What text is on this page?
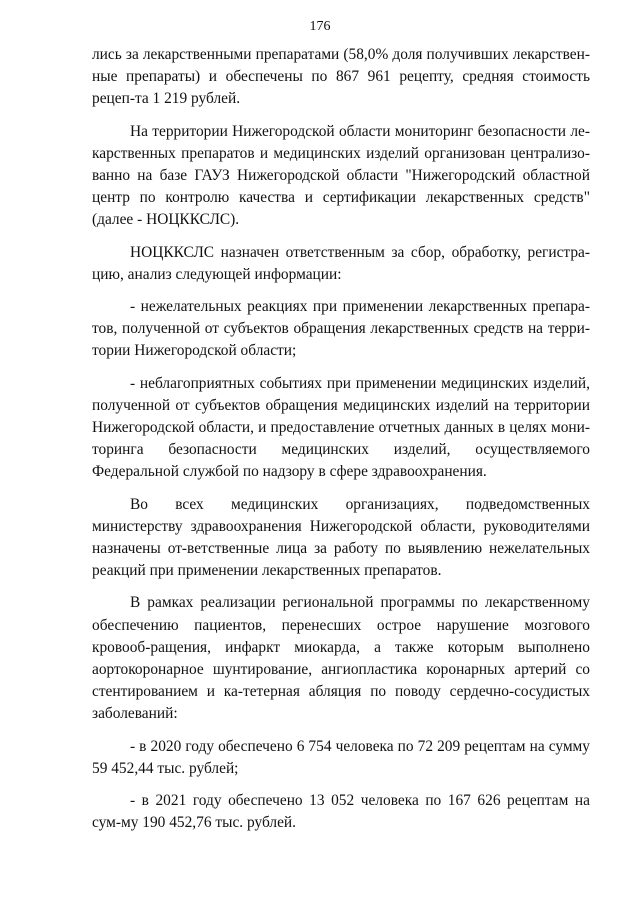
176

лись за лекарственными препаратами (58,0% доля получивших лекарствен-ные препараты) и обеспечены по 867 961 рецепту, средняя стоимость рецеп-та 1 219 рублей.

На территории Нижегородской области мониторинг безопасности ле-карственных препаратов и медицинских изделий организован централизо-ванно на базе ГАУЗ Нижегородской области "Нижегородский областной центр по контролю качества и сертификации лекарственных средств" (далее - НОЦККСЛС).

НОЦККСЛС назначен ответственным за сбор, обработку, регистра-цию, анализ следующей информации:

- нежелательных реакциях при применении лекарственных препара-тов, полученной от субъектов обращения лекарственных средств на терри-тории Нижегородской области;

- неблагоприятных событиях при применении медицинских изделий, полученной от субъектов обращения медицинских изделий на территории Нижегородской области, и предоставление отчетных данных в целях мони-торинга безопасности медицинских изделий, осуществляемого Федеральной службой по надзору в сфере здравоохранения.

Во всех медицинских организациях, подведомственных министерству здравоохранения Нижегородской области, руководителями назначены от-ветственные лица за работу по выявлению нежелательных реакций при применении лекарственных препаратов.

В рамках реализации региональной программы по лекарственному обеспечению пациентов, перенесших острое нарушение мозгового кровооб-ращения, инфаркт миокарда, а также которым выполнено аортокоронарное шунтирование, ангиопластика коронарных артерий со стентированием и ка-тетерная абляция по поводу сердечно-сосудистых заболеваний:

- в 2020 году обеспечено 6 754 человека по 72 209 рецептам на сумму 59 452,44 тыс. рублей;

- в 2021 году обеспечено 13 052 человека по 167 626 рецептам на сум-му 190 452,76 тыс. рублей.
